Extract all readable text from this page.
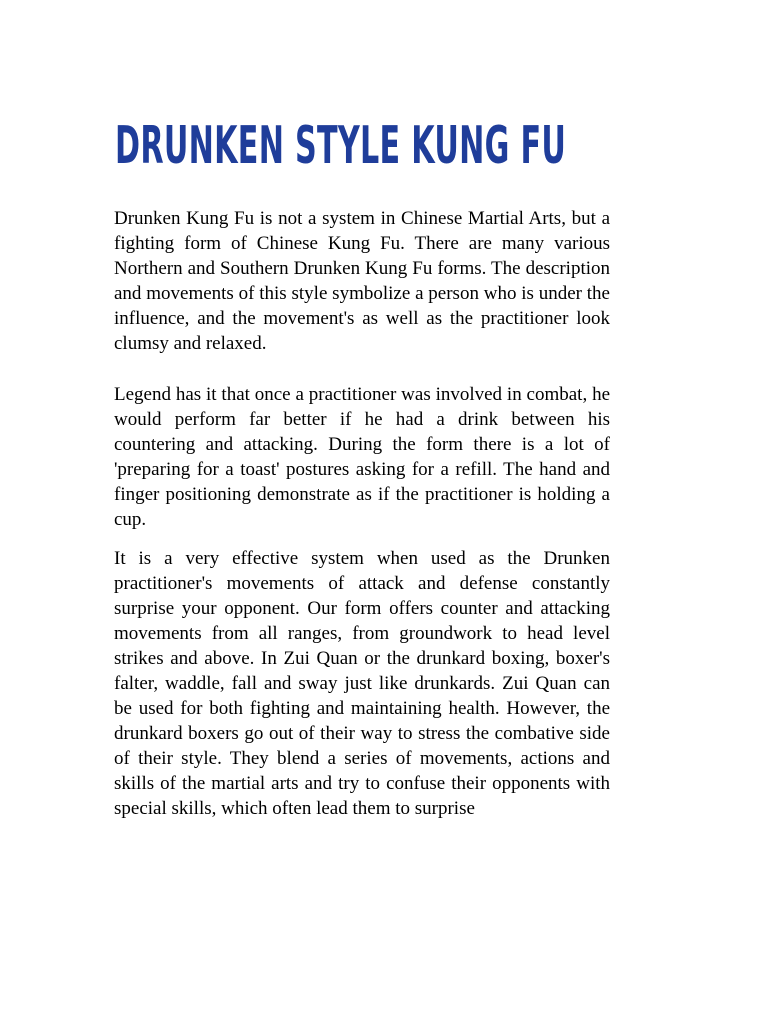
DRUNKEN STYLE KUNG FU

Drunken Kung Fu is not a system in Chinese Martial Arts, but a fighting form of Chinese Kung Fu. There are many various Northern and Southern Drunken Kung Fu forms. The description and movements of this style symbolize a person who is under the influence, and the movement's as well as the practitioner look clumsy and relaxed.

Legend has it that once a practitioner was involved in combat, he would perform far better if he had a drink between his countering and attacking. During the form there is a lot of 'preparing for a toast' postures asking for a refill. The hand and finger positioning demonstrate as if the practitioner is holding a cup.

It is a very effective system when used as the Drunken practitioner's movements of attack and defense constantly surprise your opponent. Our form offers counter and attacking movements from all ranges, from groundwork to head level strikes and above. In Zui Quan or the drunkard boxing, boxer's falter, waddle, fall and sway just like drunkards. Zui Quan can be used for both fighting and maintaining health. However, the drunkard boxers go out of their way to stress the combative side of their style. They blend a series of movements, actions and skills of the martial arts and try to confuse their opponents with special skills, which often lead them to surprise
